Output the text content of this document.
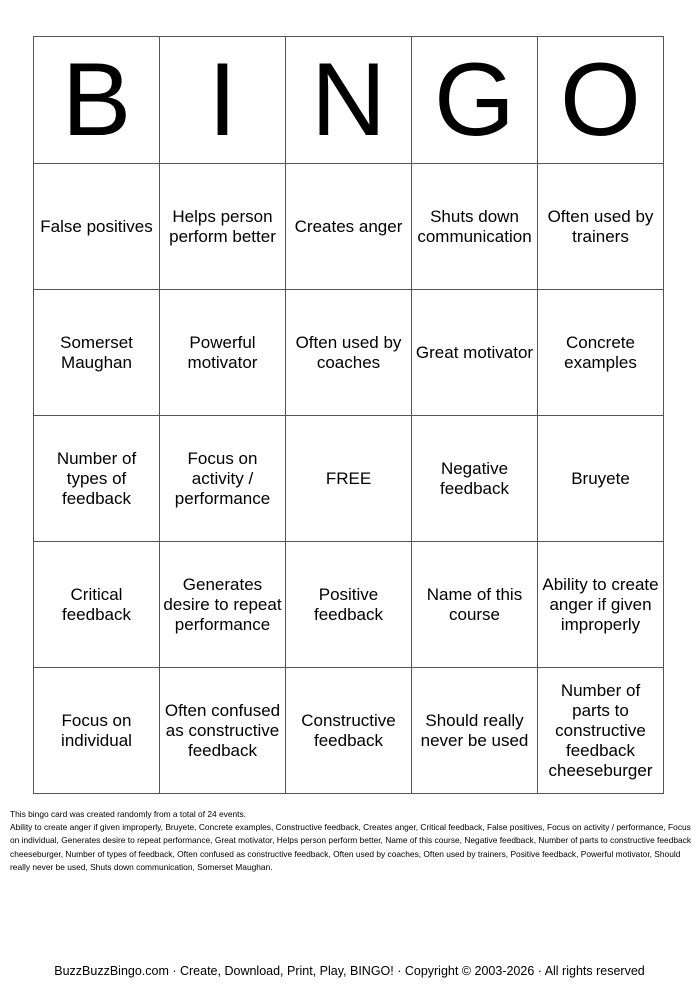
B	I	N	G	O
False positives	Helps person perform better	Creates anger	Shuts down communication	Often used by trainers
Somerset Maughan	Powerful motivator	Often used by coaches	Great motivator	Concrete examples
Number of types of feedback	Focus on activity / performance	FREE	Negative feedback	Bruyete
Critical feedback	Generates desire to repeat performance	Positive feedback	Name of this course	Ability to create anger if given improperly
Focus on individual	Often confused as constructive feedback	Constructive feedback	Should really never be used	Number of parts to constructive feedback cheeseburger

This bingo card was created randomly from a total of 24 events.

Ability to create anger if given improperly, Bruyete, Concrete examples, Constructive feedback, Creates anger, Critical feedback, False positives, Focus on activity / performance, Focus on individual, Generates desire to repeat performance, Great motivator, Helps person perform better, Name of this course, Negative feedback, Number of parts to constructive feedback cheeseburger, Number of types of feedback, Often confused as constructive feedback, Often used by coaches, Often used by trainers, Positive feedback, Powerful motivator, Should really never be used, Shuts down communication, Somerset Maughan.

BuzzBuzzBingo.com · Create, Download, Print, Play, BINGO! · Copyright © 2003-2026 · All rights reserved
